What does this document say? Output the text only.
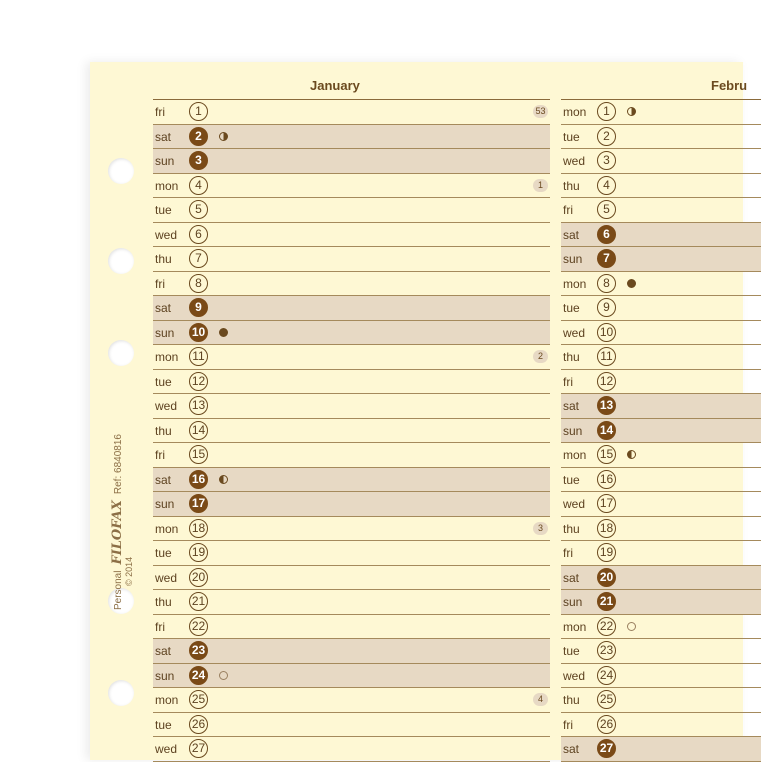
PersonalFILOFAXRef: 6840816
© 2014
January	Febru
fri	1	53
sat	2
sun	3
mon	4	1
tue	5
wed	6
thu	7
fri	8
sat	9
sun 10
mon 11	2
tue 12
wed 13
thu 14
fri 15
sat 16
sun 17
mon 18	3
tue 19
wed 20
thu 21
fri 22
sat 23
sun 24
mon 25	4
tue 26
wed 27
mon	1
tue	2
wed	3
thu	4
fri	5
sat	6
sun	7
mon	8
tue	9
wed 10
thu 11
fri 12
sat 13
sun 14
mon 15
tue 16
wed 17
thu 18
fri 19
sat 20
sun 21
mon 22
tue 23
wed 24
thu 25
fri 26
sat 27
